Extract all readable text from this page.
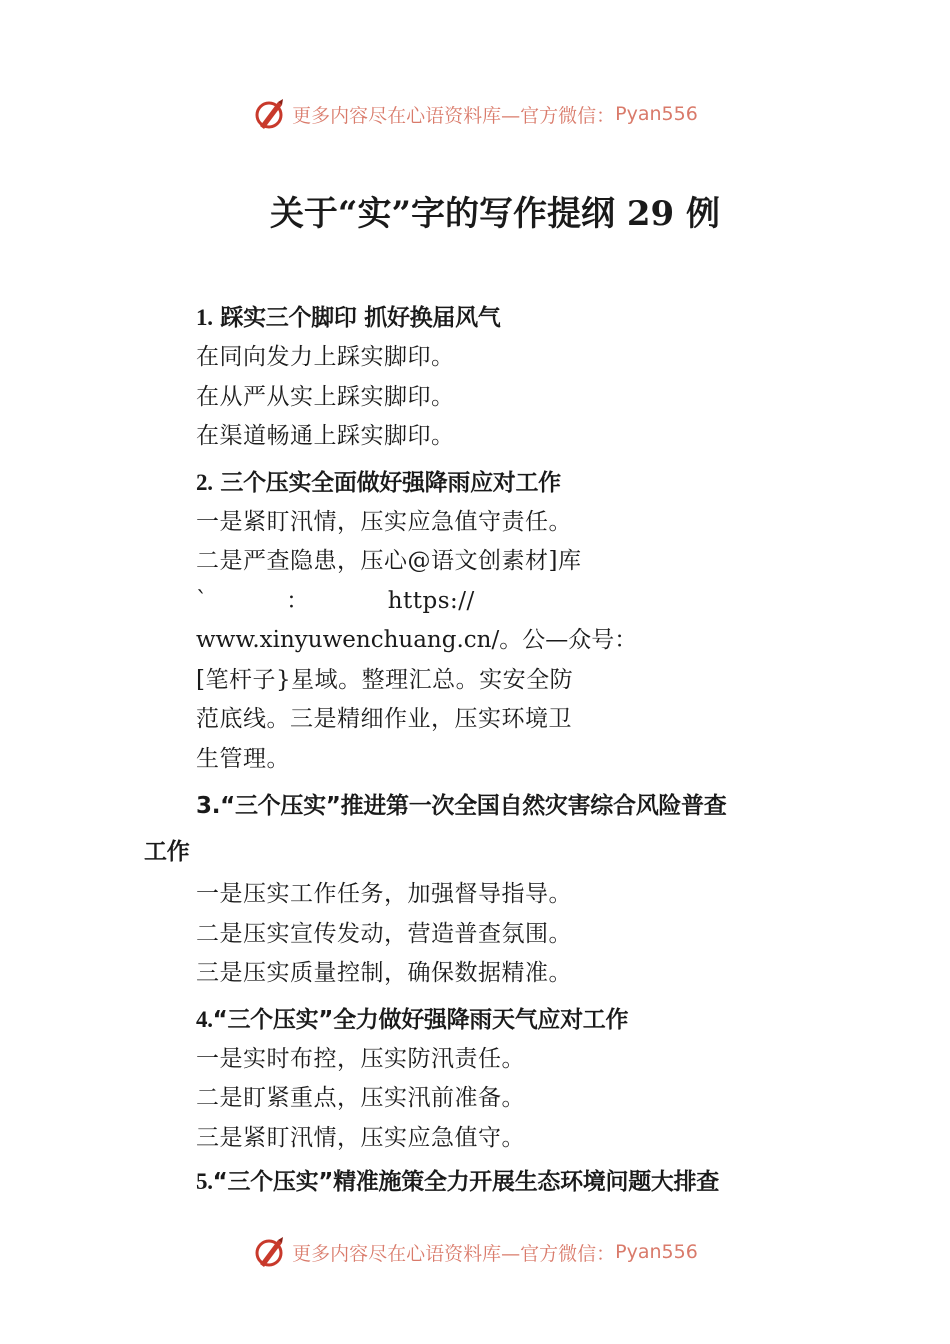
更多内容尽在心语资料库—官方微信： Pyan556
关于“实”字的写作提纲 29 例
1. 踩实三个脚印 抓好换届风气
在同向发力上踩实脚印。
在从严从实上踩实脚印。
在渠道畅通上踩实脚印。
2. 三个压实全面做好强降雨应对工作
一是紧盯汛情，压实应急值守责任。
二是严查隐患，压心@语文创素材]库
`          ：          https://
www.xinyuwenchuang.cn/。公—众号：
[笔杆子}星域。整理汇总。实安全防
范底线。三是精细作业，压实环境卫
生管理。
3.“三个压实”推进第一次全国自然灾害综合风险普查
工作
一是压实工作任务，加强督导指导。
二是压实宣传发动，营造普查氛围。
三是压实质量控制，确保数据精准。
4.“三个压实”全力做好强降雨天气应对工作
一是实时布控，压实防汛责任。
二是盯紧重点，压实汛前准备。
三是紧盯汛情，压实应急值守。
5.“三个压实”精准施策全力开展生态环境问题大排查
更多内容尽在心语资料库—官方微信： Pyan556
